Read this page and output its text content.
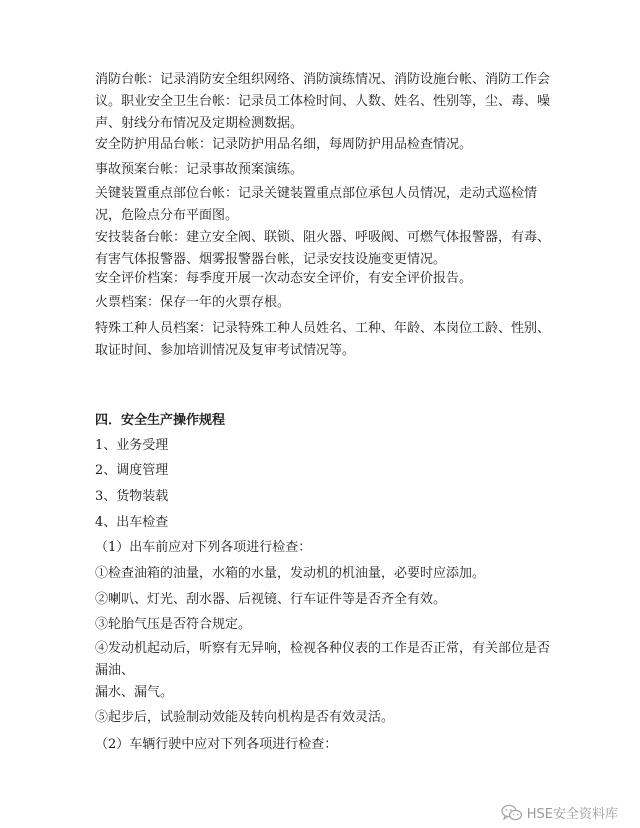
消防台帐：记录消防安全组织网络、消防演练情况、消防设施台帐、消防工作会议。职业安全卫生台帐：记录员工体检时间、人数、姓名、性别等，尘、毒、噪声、射线分布情况及定期检测数据。

安全防护用品台帐：记录防护用品名细，每周防护用品检查情况。

事故预案台帐：记录事故预案演练。

关键装置重点部位台帐：记录关键装置重点部位承包人员情况，走动式巡检情况，危险点分布平面图。

安技装备台帐：建立安全阀、联锁、阻火器、呼吸阀、可燃气体报警器，有毒、有害气体报警器、烟雾报警器台帐，记录安技设施变更情况。

安全评价档案：每季度开展一次动态安全评价，有安全评价报告。

火票档案：保存一年的火票存根。

特殊工种人员档案：记录特殊工种人员姓名、工种、年龄、本岗位工龄、性别、取证时间、参加培训情况及复审考试情况等。

四．安全生产操作规程

1、业务受理

2、调度管理

3、货物装载

4、出车检查

（1）出车前应对下列各项进行检查：

①检查油箱的油量，水箱的水量，发动机的机油量，必要时应添加。

②喇叭、灯光、刮水器、后视镜、行车证件等是否齐全有效。

③轮胎气压是否符合规定。

④发动机起动后，听察有无异响，检视各种仪表的工作是否正常，有关部位是否漏油、

漏水、漏气。

⑤起步后，试验制动效能及转向机构是否有效灵活。

（2）车辆行驶中应对下列各项进行检查：

HSE安全资料库
